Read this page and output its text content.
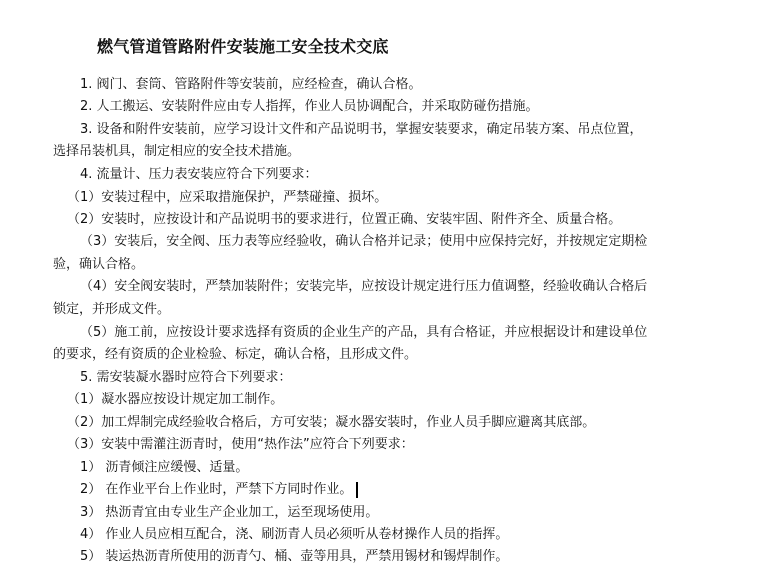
燃气管道管路附件安装施工安全技术交底
1. 阀门、套筒、管路附件等安装前，应经检查，确认合格。
2. 人工搬运、安装附件应由专人指挥，作业人员协调配合，并采取防碰伤措施。
3. 设备和附件安装前，应学习设计文件和产品说明书，掌握安装要求，确定吊装方案、吊点位置，
选择吊装机具，制定相应的安全技术措施。
4. 流量计、压力表安装应符合下列要求：
（1）安装过程中，应采取措施保护，严禁碰撞、损坏。
（2）安装时，应按设计和产品说明书的要求进行，位置正确、安装牢固、附件齐全、质量合格。
（3）安装后，安全阀、压力表等应经验收，确认合格并记录；使用中应保持完好，并按规定定期检
验，确认合格。
（4）安全阀安装时，严禁加装附件；安装完毕，应按设计规定进行压力值调整，经验收确认合格后
锁定，并形成文件。
（5）施工前，应按设计要求选择有资质的企业生产的产品，具有合格证，并应根据设计和建设单位
的要求，经有资质的企业检验、标定，确认合格，且形成文件。
5. 需安装凝水器时应符合下列要求：
（1）凝水器应按设计规定加工制作。
（2）加工焊制完成经验收合格后，方可安装；凝水器安装时，作业人员手脚应避离其底部。
（3）安装中需灌注沥青时，使用“热作法”应符合下列要求：
1） 沥青倾注应缓慢、适量。
2） 在作业平台上作业时，严禁下方同时作业。
3） 热沥青宜由专业生产企业加工，运至现场使用。
4） 作业人员应相互配合，浇、刷沥青人员必须听从卷材操作人员的指挥。
5） 装运热沥青所使用的沥青勺、桶、壶等用具，严禁用锡材和锡焊制作。
